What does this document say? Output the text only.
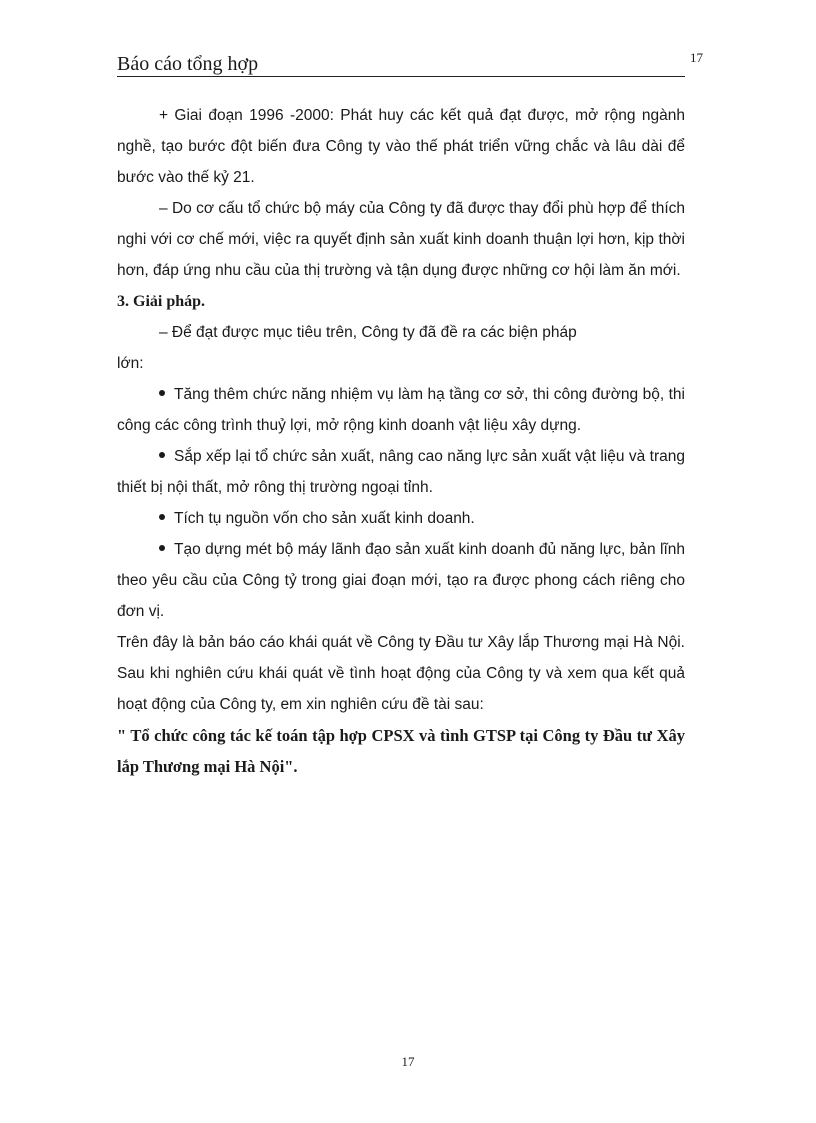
Báo cáo tổng hợp	17

+ Giai đoạn 1996 -2000: Phát huy các kết quả đạt được, mở rộng ngành nghề, tạo bước đột biến đưa Công ty vào thế phát triển vững chắc và lâu dài để bước vào thế kỷ 21.

– Do cơ cấu tổ chức bộ máy của Công ty đã được thay đổi phù hợp để thích nghi với cơ chế mới, việc ra quyết định sản xuất kinh doanh thuận lợi hơn, kịp thời hơn, đáp ứng nhu cầu của thị trường và tận dụng được những cơ hội làm ăn mới.

3. Giải pháp.

– Để đạt được mục tiêu trên, Công ty đã đề ra các biện pháp

lớn:

Tăng thêm chức năng nhiệm vụ làm hạ tầng cơ sở, thi công đường bộ, thi công các công trình thuỷ lợi, mở rộng kinh doanh vật liệu xây dựng.

Sắp xếp lại tổ chức sản xuất, nâng cao năng lực sản xuất vật liệu và trang thiết bị nội thất, mở rông thị trường ngoại tỉnh.

Tích tụ nguồn vốn cho sản xuất kinh doanh.

Tạo dựng mét bộ máy lãnh đạo sản xuất kinh doanh đủ năng lực, bản lĩnh theo yêu cầu của Công tỷ trong giai đoạn mới, tạo ra được phong cách riêng cho đơn vị.

Trên đây là bản báo cáo khái quát về Công ty Đầu tư Xây lắp Thương mại Hà Nội. Sau khi nghiên cứu khái quát về tình hoạt động của Công ty và xem qua kết quả hoạt động của Công ty, em xin nghiên cứu đề tài sau:

" Tổ chức công tác kế toán tập hợp CPSX và tình GTSP tại Công ty Đầu tư Xây lắp Thương mại Hà Nội".

17
